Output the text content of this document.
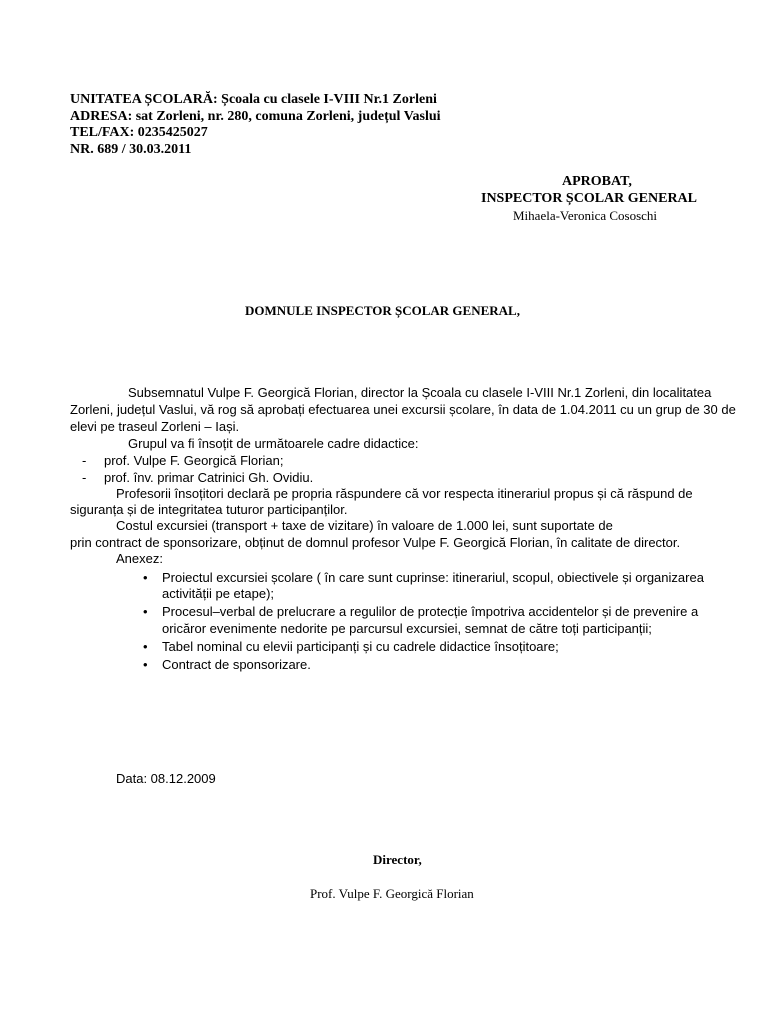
UNITATEA ȘCOLARĂ: Școala cu clasele I-VIII Nr.1 Zorleni
ADRESA: sat Zorleni, nr. 280, comuna Zorleni, județul Vaslui
TEL/FAX: 0235425027
NR. 689 / 30.03.2011
APROBAT,
INSPECTOR ȘCOLAR GENERAL
Mihaela-Veronica Cososchi
DOMNULE INSPECTOR ȘCOLAR GENERAL,
Subsemnatul Vulpe F. Georgică Florian, director la Școala cu clasele I-VIII Nr.1 Zorleni, din localitatea
Zorleni, județul Vaslui, vă rog să aprobați efectuarea unei excursii școlare, în data de 1.04.2011 cu un grup de 30 de
elevi pe traseul Zorleni – Iași.
Grupul va fi însoțit de următoarele cadre didactice:
- prof. Vulpe F. Georgică Florian;
- prof. înv. primar Catrinici Gh. Ovidiu.
Profesorii însoțitori declară pe propria răspundere că vor respecta itinerariul propus și că răspund de
siguranța și de integritatea tuturor participanților.
Costul excursiei (transport + taxe de vizitare) în valoare de 1.000 lei, sunt suportate de
prin contract de sponsorizare, obținut de domnul profesor Vulpe F. Georgică Florian, în calitate de director.
Anexez:
• Proiectul excursiei școlare ( în care sunt cuprinse: itinerariul, scopul, obiectivele și organizarea
activității pe etape);
• Procesul–verbal de prelucrare a regulilor de protecție împotriva accidentelor și de prevenire a
oricăror evenimente nedorite pe parcursul excursiei, semnat de către toți participanții;
• Tabel nominal cu elevii participanți și cu cadrele didactice însoțitoare;
• Contract de sponsorizare.
Data: 08.12.2009
Director,
Prof. Vulpe F. Georgică Florian
